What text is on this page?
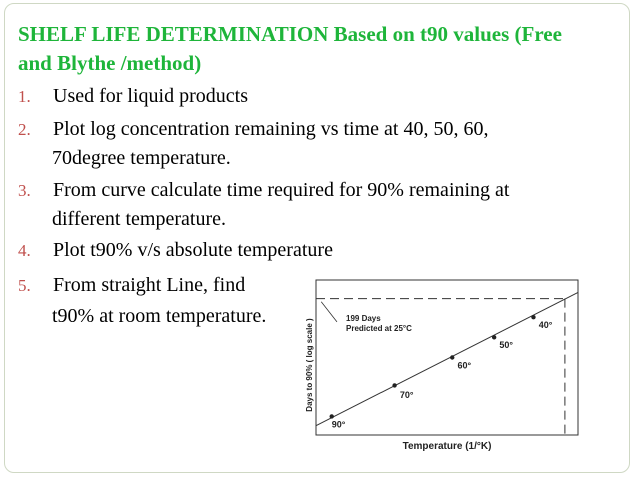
SHELF LIFE DETERMINATION Based on t90 values (Free
and Blythe /method)
1. Used for liquid products
2. Plot log concentration remaining vs time at 40, 50, 60,
70degree temperature.
3. From curve calculate time required for 90% remaining at
different temperature.
4. Plot t90% v/s absolute temperature
5. From straight Line, find
t90% at room temperature.
90°
70°
60°
50°
40°
Temperature (1/°K)
Days to 90% ( log scale )	199 Days
Predicted at 25°C
